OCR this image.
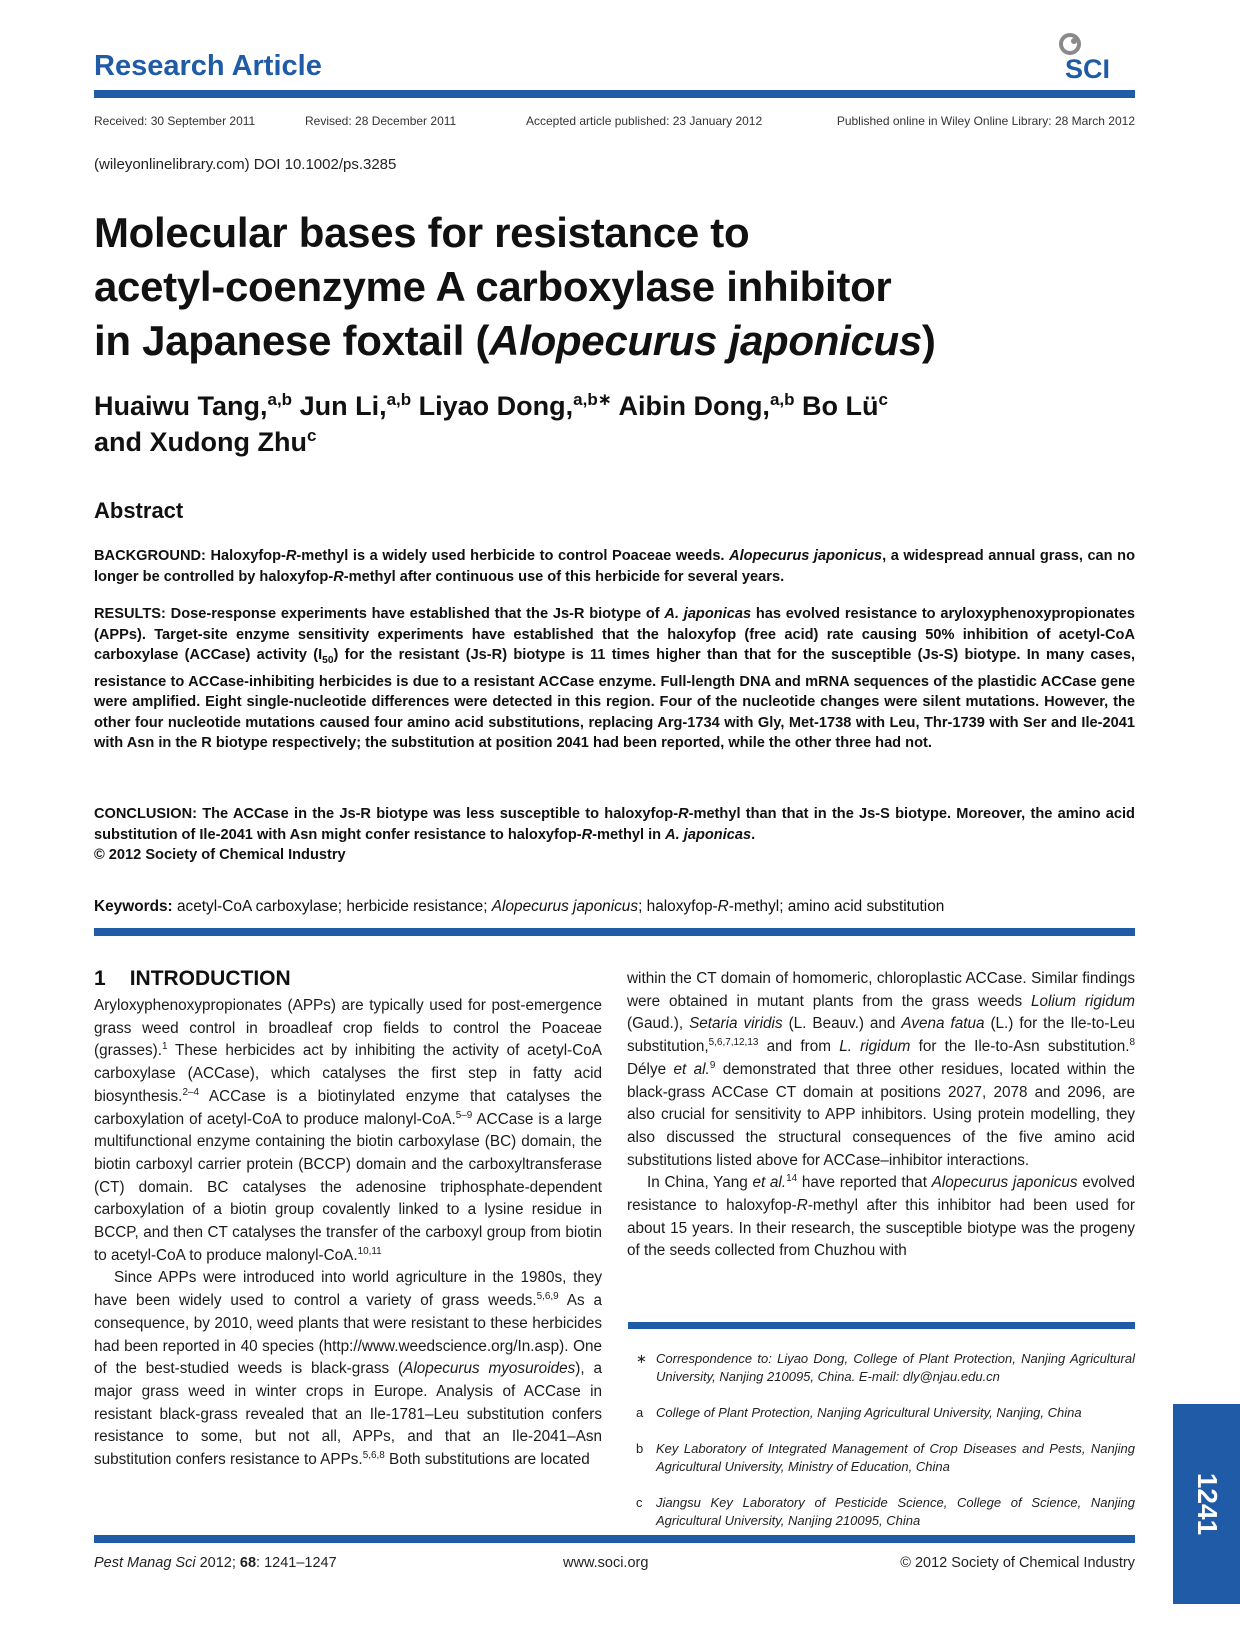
Research Article	SCI
Received: 30 September 2011	Revised: 28 December 2011	Accepted article published: 23 January 2012	Published online in Wiley Online Library: 28 March 2012
(wileyonlinelibrary.com) DOI 10.1002/ps.3285
Molecular bases for resistance to
acetyl-coenzyme A carboxylase inhibitor
in Japanese foxtail (Alopecurus japonicus)
Huaiwu Tang,$^{a,b}$ Jun Li,$^{a,b}$ Liyao Dong,$^{a,b∗}$ Aibin Dong,$^{a,b}$ Bo $Lü^c$
and Xudong Zhu$^c$
Abstract
BACKGROUND: Haloxyfop-R-methyl is a widely used herbicide to control Poaceae weeds. Alopecurus japonicus, a widespread annual grass, can no longer be controlled by haloxyfop-R-methyl after continuous use of this herbicide for several years.
RESULTS: Dose-response experiments have established that the Js-R biotype of A. japonicas has evolved resistance to aryloxyphenoxypropionates (APPs). Target-site enzyme sensitivity experiments have established that the haloxyfop (free acid) rate causing 50% inhibition of acetyl-CoA carboxylase (ACCase) activity $(I_{50})$ for the resistant (Js-R) biotype is 11 times higher than that for the susceptible (Js-S) biotype. In many cases, resistance to ACCase-inhibiting herbicides is due to a resistant ACCase enzyme. Full-length DNA and mRNA sequences of the plastidic ACCase gene were amplified. Eight single-nucleotide differences were detected in this region. Four of the nucleotide changes were silent mutations. However, the other four nucleotide mutations caused four amino acid substitutions, replacing Arg-1734 with Gly, Met-1738 with Leu, Thr-1739 with Ser and Ile-2041 with Asn in the R biotype respectively; the substitution at position 2041 had been reported, while the other three had not.
CONCLUSION: The ACCase in the Js-R biotype was less susceptible to haloxyfop-R-methyl than that in the Js-S biotype. Moreover, the amino acid substitution of Ile-2041 with Asn might confer resistance to haloxyfop-R-methyl in A. japonicas.
© 2012 Society of Chemical Industry
Keywords: acetyl-CoA carboxylase; herbicide resistance; Alopecurus japonicus; haloxyfop-R-methyl; amino acid substitution
1 INTRODUCTION

Aryloxyphenoxypropionates (APPs) are typically used for post-emergence grass weed control in broadleaf crop fields to control the Poaceae (grasses).$^1$ These herbicides act by inhibiting the activity of acetyl-CoA carboxylase (ACCase), which catalyses the first step in fatty acid biosynthesis.$^{2-4}$ ACCase is a biotinylated enzyme that catalyses the carboxylation of acetyl-CoA to produce malonyl-CoA.$^{5-9}$ ACCase is a large multifunctional enzyme containing the biotin carboxylase (BC) domain, the biotin carboxyl carrier protein (BCCP) domain and the carboxyltransferase (CT) domain. BC catalyses the adenosine triphosphate-dependent carboxylation of a biotin group covalently linked to a lysine residue in BCCP, and then CT catalyses the transfer of the carboxyl group from biotin to acetyl-CoA to produce malonyl-CoA.$^{10,11}$

Since APPs were introduced into world agriculture in the 1980s, they have been widely used to control a variety of grass weeds.$^{5,6,9}$ As a consequence, by 2010, weed plants that were resistant to these herbicides had been reported in 40 species (http://www.weedscience.org/In.asp). One of the best-studied weeds is black-grass (Alopecurus myosuroides), a major grass weed in winter crops in Europe. Analysis of ACCase in resistant black-grass revealed that an Ile-1781–Leu substitution confers resistance to some, but not all, APPs, and that an Ile-2041–Asn substitution confers resistance to APPs.$^{5,6,8}$ Both substitutions are located

within the CT domain of homomeric, chloroplastic ACCase. Similar findings were obtained in mutant plants from the grass weeds Lolium rigidum (Gaud.), Setaria viridis (L. Beauv.) and Avena fatua (L.) for the Ile-to-Leu substitution,$^{5,6,7,12,13}$ and from L. rigidum for the Ile-to-Asn substitution.$^8$ Délye et al.$^9$ demonstrated that three other residues, located within the black-grass ACCase CT domain at positions 2027, 2078 and 2096, are also crucial for sensitivity to APP inhibitors. Using protein modelling, they also discussed the structural consequences of the five amino acid substitutions listed above for ACCase–inhibitor interactions.

In China, Yang et al.$^{14}$ have reported that Alopecurus japonicus evolved resistance to haloxyfop-R-methyl after this inhibitor had been used for about 15 years. In their research, the susceptible biotype was the progeny of the seeds collected from Chuzhou with

∗ Correspondence to: Liyao Dong, College of Plant Protection, Nanjing Agricultural University, Nanjing 210095, China. E-mail: dly@njau.edu.cn
a College of Plant Protection, Nanjing Agricultural University, Nanjing, China
b Key Laboratory of Integrated Management of Crop Diseases and Pests, Nanjing Agricultural University, Ministry of Education, China
c Jiangsu Key Laboratory of Pesticide Science, College of Science, Nanjing Agricultural University, Nanjing 210095, China	1241
Pest Manag Sci 2012; 68: 1241–1247	www.soci.org	© 2012 Society of Chemical Industry
